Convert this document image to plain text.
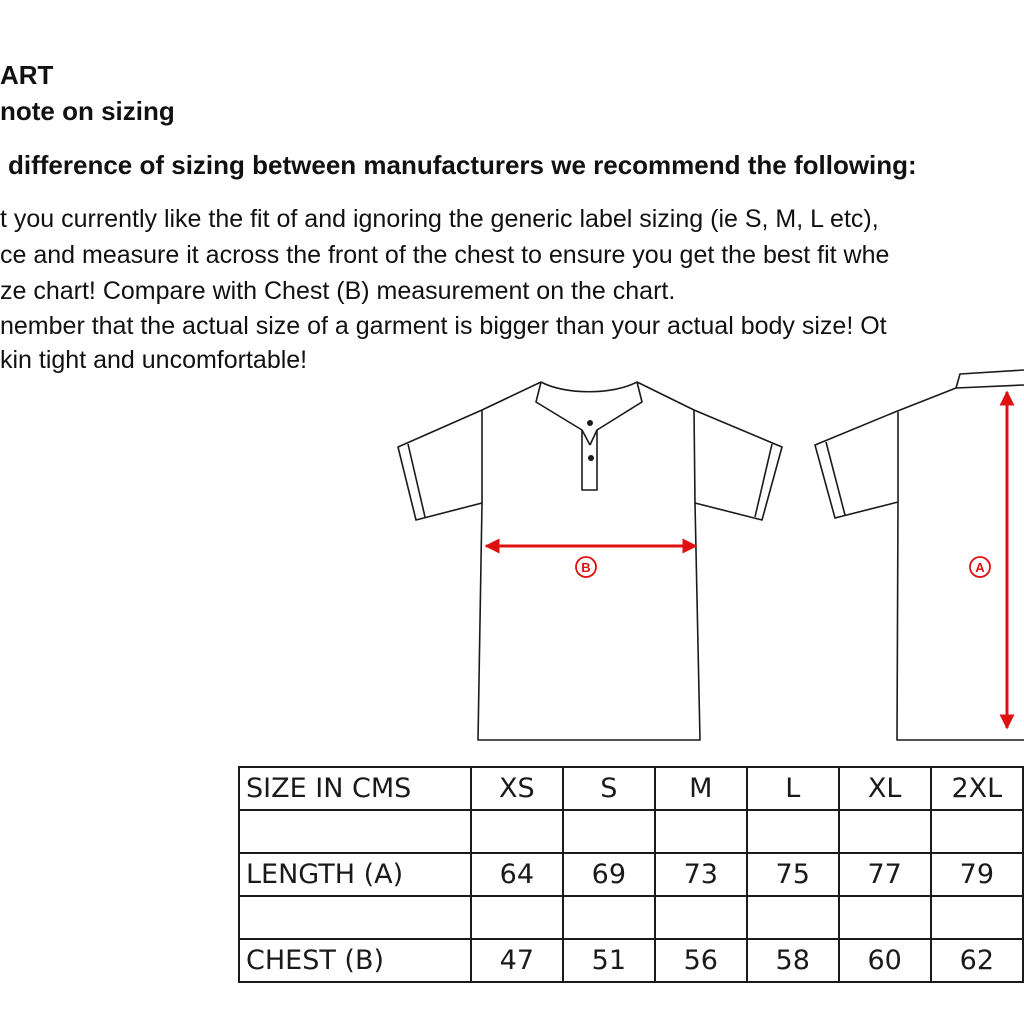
ART
note on sizing
difference of sizing between manufacturers we recommend the following:
t you currently like the fit of and ignoring the generic label sizing (ie S, M, L etc),
ce and measure it across the front of the chest to ensure you get the best fit whe
ze chart! Compare with Chest (B) measurement on the chart.
nember that the actual size of a garment is bigger than your actual body size! Ot
kin tight and uncomfortable!
B	A
SIZE IN CMS	XS	S	M	L	XL	2XL

LENGTH (A)	64	69	73	75	77	79

CHEST (B)	47	51	56	58	60	62
